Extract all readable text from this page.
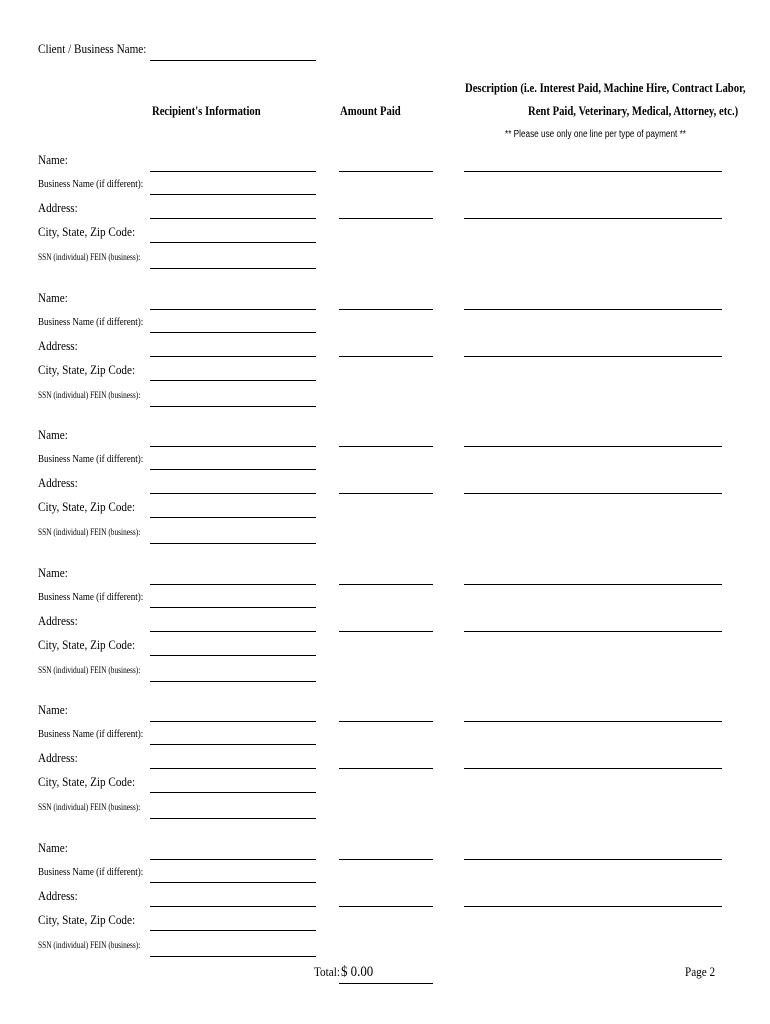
Client / Business Name:
Description (i.e. Interest Paid, Machine Hire, Contract Labor,
Recipient's Information	Amount Paid	Rent Paid, Veterinary, Medical, Attorney, etc.)
** Please use only one line per type of payment **
Name:
Business Name (if different):
Address:
City, State, Zip Code:
SSN (individual) FEIN (business):
Name:
Business Name (if different):
Address:
City, State, Zip Code:
SSN (individual) FEIN (business):
Name:
Business Name (if different):
Address:
City, State, Zip Code:
SSN (individual) FEIN (business):
Name:
Business Name (if different):
Address:
City, State, Zip Code:
SSN (individual) FEIN (business):
Name:
Business Name (if different):
Address:
City, State, Zip Code:
SSN (individual) FEIN (business):
Name:
Business Name (if different):
Address:
City, State, Zip Code:
SSN (individual) FEIN (business):
Total: $ 0.00	Page 2
